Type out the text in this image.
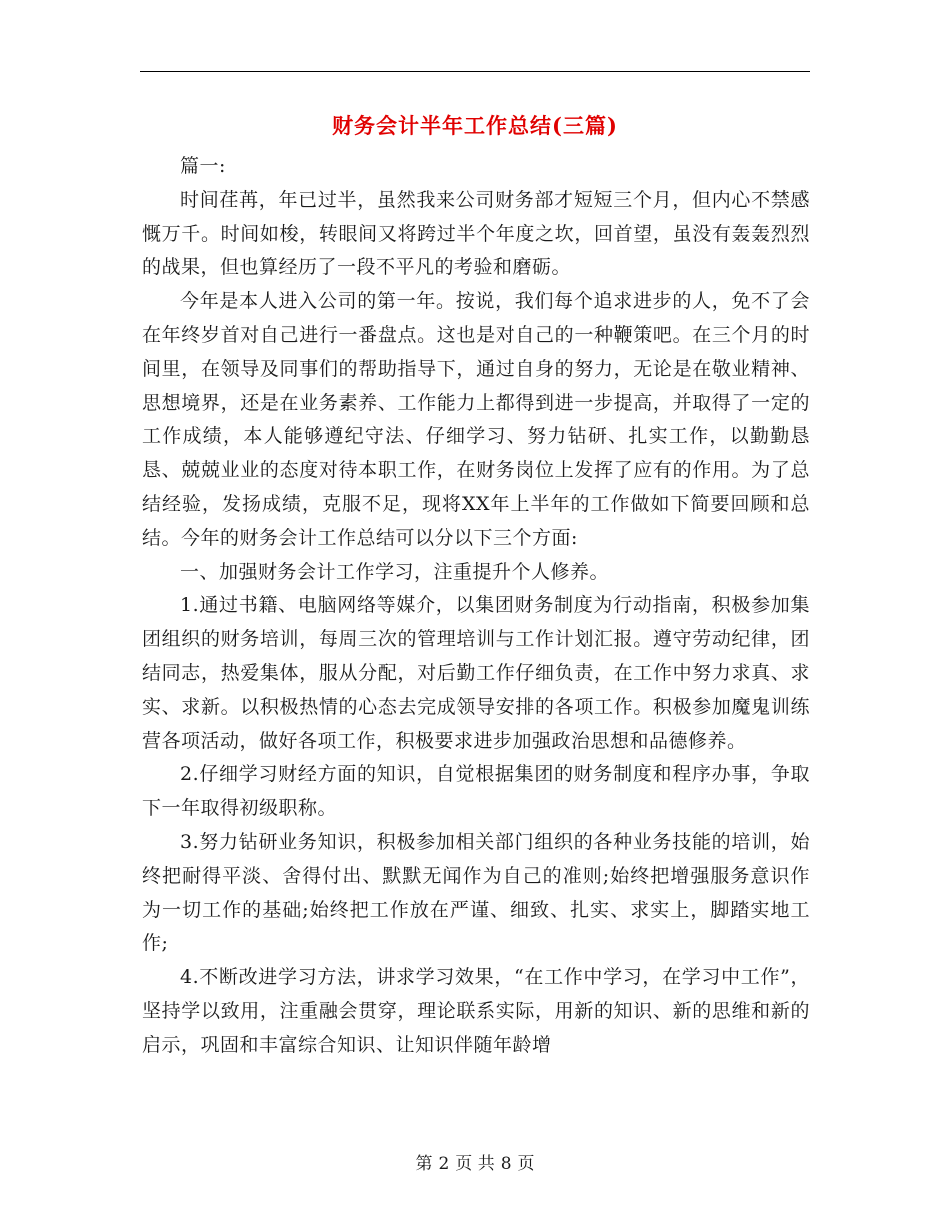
财务会计半年工作总结(三篇)

篇一:

时间荏苒，年已过半，虽然我来公司财务部才短短三个月，但内心不禁感慨万千。时间如梭，转眼间又将跨过半个年度之坎，回首望，虽没有轰轰烈烈的战果，但也算经历了一段不平凡的考验和磨砺。

今年是本人进入公司的第一年。按说，我们每个追求进步的人，免不了会在年终岁首对自己进行一番盘点。这也是对自己的一种鞭策吧。在三个月的时间里，在领导及同事们的帮助指导下，通过自身的努力，无论是在敬业精神、思想境界，还是在业务素养、工作能力上都得到进一步提高，并取得了一定的工作成绩，本人能够遵纪守法、仔细学习、努力钻研、扎实工作，以勤勤恳恳、兢兢业业的态度对待本职工作，在财务岗位上发挥了应有的作用。为了总结经验，发扬成绩，克服不足，现将XX年上半年的工作做如下简要回顾和总结。今年的财务会计工作总结可以分以下三个方面:

一、加强财务会计工作学习，注重提升个人修养。

1.通过书籍、电脑网络等媒介，以集团财务制度为行动指南，积极参加集团组织的财务培训，每周三次的管理培训与工作计划汇报。遵守劳动纪律，团结同志，热爱集体，服从分配，对后勤工作仔细负责，在工作中努力求真、求实、求新。以积极热情的心态去完成领导安排的各项工作。积极参加魔鬼训练营各项活动，做好各项工作，积极要求进步加强政治思想和品德修养。

2.仔细学习财经方面的知识，自觉根据集团的财务制度和程序办事，争取下一年取得初级职称。

3.努力钻研业务知识，积极参加相关部门组织的各种业务技能的培训，始终把耐得平淡、舍得付出、默默无闻作为自己的准则;始终把增强服务意识作为一切工作的基础;始终把工作放在严谨、细致、扎实、求实上，脚踏实地工作;

4.不断改进学习方法，讲求学习效果，“在工作中学习，在学习中工作”，坚持学以致用，注重融会贯穿，理论联系实际，用新的知识、新的思维和新的启示，巩固和丰富综合知识、让知识伴随年龄增

第 2 页 共 8 页
